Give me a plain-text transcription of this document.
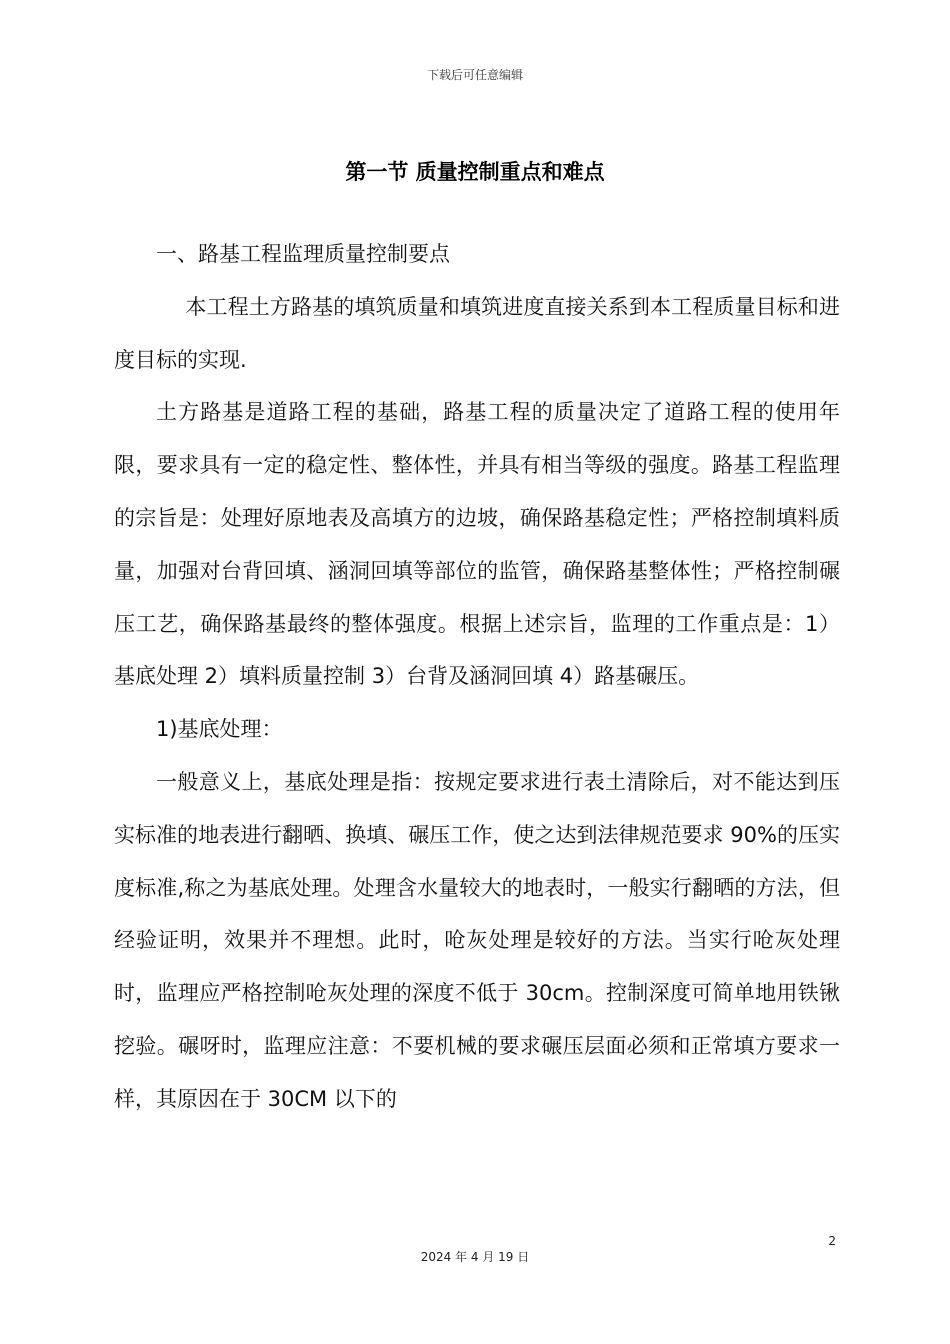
下载后可任意编辑
第一节 质量控制重点和难点

一、路基工程监理质量控制要点

本工程土方路基的填筑质量和填筑进度直接关系到本工程质量目标和进度目标的实现.

土方路基是道路工程的基础，路基工程的质量决定了道路工程的使用年限，要求具有一定的稳定性、整体性，并具有相当等级的强度。路基工程监理的宗旨是：处理好原地表及高填方的边坡，确保路基稳定性；严格控制填料质量，加强对台背回填、涵洞回填等部位的监管，确保路基整体性；严格控制碾压工艺，确保路基最终的整体强度。根据上述宗旨，监理的工作重点是：1）基底处理 2）填料质量控制 3）台背及涵洞回填 4）路基碾压。

1)基底处理：

一般意义上，基底处理是指：按规定要求进行表土清除后，对不能达到压实标准的地表进行翻晒、换填、碾压工作，使之达到法律规范要求 90%的压实度标准,称之为基底处理。处理含水量较大的地表时，一般实行翻晒的方法，但经验证明，效果并不理想。此时，呛灰处理是较好的方法。当实行呛灰处理时，监理应严格控制呛灰处理的深度不低于 30cm。控制深度可简单地用铁锹挖验。碾呀时，监理应注意：不要机械的要求碾压层面必须和正常填方要求一样，其原因在于 30CM 以下的

2
2024 年 4 月 19 日
